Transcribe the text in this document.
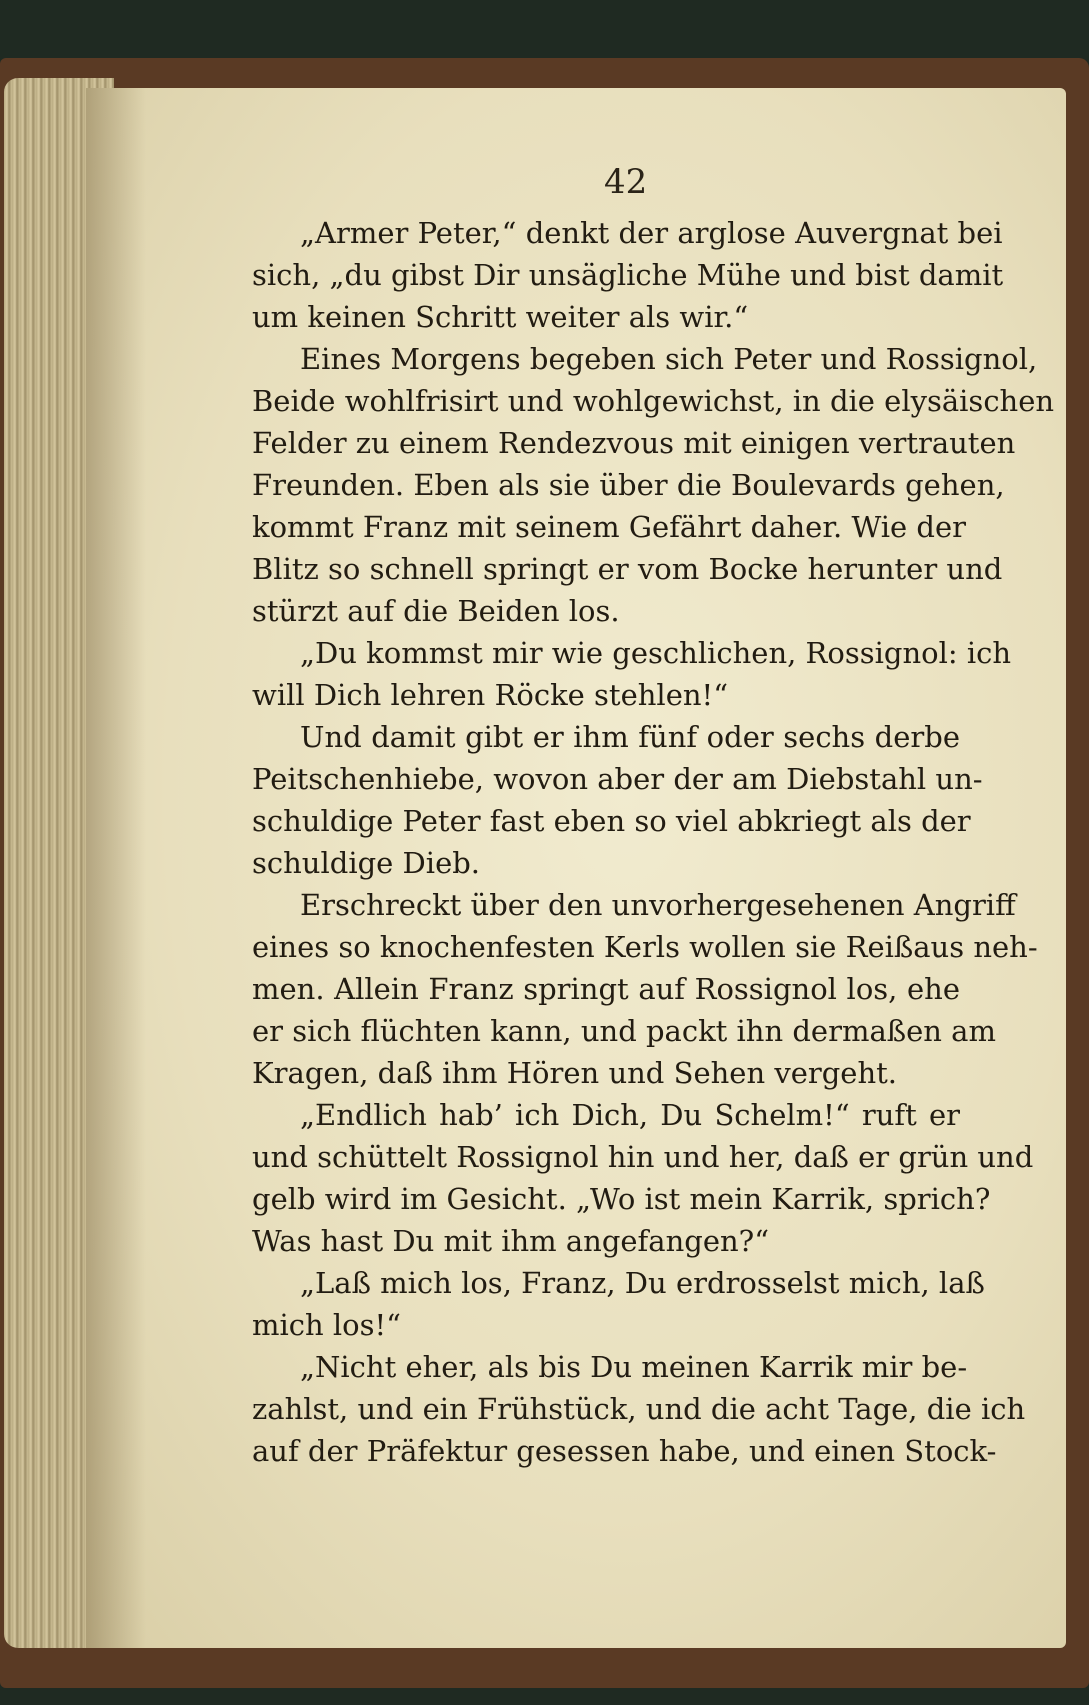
42
„Armer Peter,“ denkt der arglose Auvergnat bei
sich, „du gibst Dir unsägliche Mühe und bist damit
um keinen Schritt weiter als wir.“
Eines Morgens begeben sich Peter und Rossignol,
Beide wohlfrisirt und wohlgewichst, in die elysäischen
Felder zu einem Rendezvous mit einigen vertrauten
Freunden. Eben als sie über die Boulevards gehen,
kommt Franz mit seinem Gefährt daher. Wie der
Blitz so schnell springt er vom Bocke herunter und
stürzt auf die Beiden los.
„Du kommst mir wie geschlichen, Rossignol: ich
will Dich lehren Röcke stehlen!“
Und damit gibt er ihm fünf oder sechs derbe
Peitschenhiebe, wovon aber der am Diebstahl un-
schuldige Peter fast eben so viel abkriegt als der
schuldige Dieb.
Erschreckt über den unvorhergesehenen Angriff
eines so knochenfesten Kerls wollen sie Reißaus neh-
men. Allein Franz springt auf Rossignol los, ehe
er sich flüchten kann, und packt ihn dermaßen am
Kragen, daß ihm Hören und Sehen vergeht.
„Endlich hab’ ich Dich, Du Schelm!“ ruft er
und schüttelt Rossignol hin und her, daß er grün und
gelb wird im Gesicht. „Wo ist mein Karrik, sprich?
Was hast Du mit ihm angefangen?“
„Laß mich los, Franz, Du erdrosselst mich, laß
mich los!“
„Nicht eher, als bis Du meinen Karrik mir be-
zahlst, und ein Frühstück, und die acht Tage, die ich
auf der Präfektur gesessen habe, und einen Stock-
